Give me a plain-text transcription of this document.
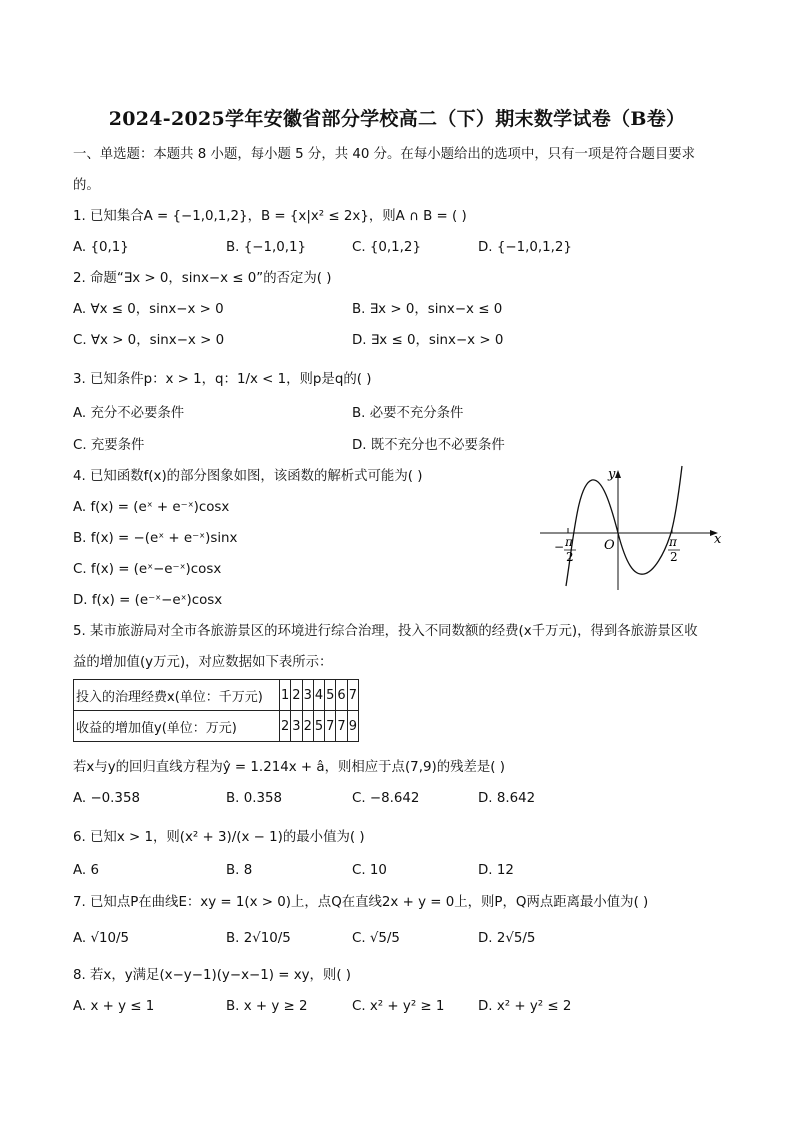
2024-2025学年安徽省部分学校高二（下）期末数学试卷（B卷）
一、单选题：本题共 8 小题，每小题 5 分，共 40 分。在每小题给出的选项中，只有一项是符合题目要求
的。
1. 已知集合A = {−1,0,1,2}，B = {x|x² ≤ 2x}，则A ∩ B = ( )
A. {0,1}	B. {−1,0,1}	C. {0,1,2}	D. {−1,0,1,2}
2. 命题“∃x > 0，sinx−x ≤ 0”的否定为( )
A. ∀x ≤ 0，sinx−x > 0	B. ∃x > 0，sinx−x ≤ 0
C. ∀x > 0，sinx−x > 0	D. ∃x ≤ 0，sinx−x > 0
3. 已知条件p：x > 1，q：1/x < 1，则p是q的( )
A. 充分不必要条件	B. 必要不充分条件
C. 充要条件	D. 既不充分也不必要条件
4. 已知函数f(x)的部分图象如图，该函数的解析式可能为( )
A. f(x) = (eˣ + e⁻ˣ)cosx
B. f(x) = −(eˣ + e⁻ˣ)sinx
C. f(x) = (eˣ−e⁻ˣ)cosx
D. f(x) = (e⁻ˣ−eˣ)cosx
y
x
O
− π
2
π
2
5. 某市旅游局对全市各旅游景区的环境进行综合治理，投入不同数额的经费(x千万元)，得到各旅游景区收
益的增加值(y万元)，对应数据如下表所示：
投入的治理经费x(单位：千万元)	1	2	3	4	5	6	7
收益的增加值y(单位：万元)	2	3	2	5	7	7	9
若x与y的回归直线方程为ŷ = 1.214x + â，则相应于点(7,9)的残差是( )
A. −0.358	B. 0.358	C. −8.642	D. 8.642
6. 已知x > 1，则(x² + 3)/(x − 1)的最小值为( )
A. 6	B. 8	C. 10	D. 12
7. 已知点P在曲线E：xy = 1(x > 0)上，点Q在直线2x + y = 0上，则P，Q两点距离最小值为( )
A. √10/5	B. 2√10/5	C. √5/5	D. 2√5/5
8. 若x，y满足(x−y−1)(y−x−1) = xy，则( )
A. x + y ≤ 1	B. x + y ≥ 2	C. x² + y² ≥ 1	D. x² + y² ≤ 2
